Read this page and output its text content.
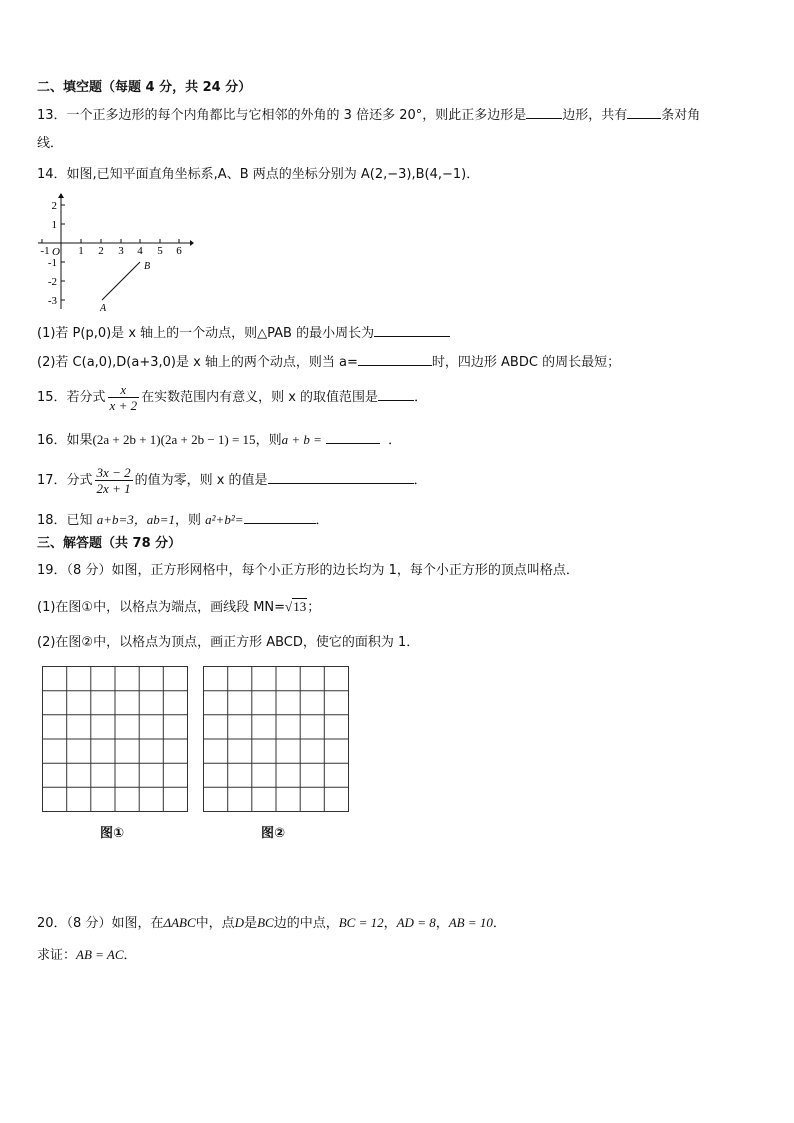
二、填空题（每题 4 分，共 24 分）
13．一个正多边形的每个内角都比与它相邻的外角的 3 倍还多 20°，则此正多边形是	边形，共有	条对角
线．
14．如图,已知平面直角坐标系,A、B 两点的坐标分别为 A(2,−3),B(4,−1)．
-1	1 2 3 4 5 6
O
2
1
-1
-2
-3
A
B
(1)若 P(p,0)是 x 轴上的一个动点，则△PAB 的最小周长为
(2)若 C(a,0),D(a+3,0)是 x 轴上的两个动点，则当 a=	时，四边形 ABDC 的周长最短；
15．若分式 $\frac{x}{x + 2}$ 在实数范围内有意义，则 x 的取值范围是	．
16．如果(2a + 2b + 1)(2a + 2b − 1) = 15，则a + b =	．
17．分式 $\frac{3x - 2}{2x + 1}$ 的值为零，则 x 的值是	．
18．已知 a+b=3，ab=1，则 a²+b²=	．
三、解答题（共 78 分）
19．（8 分）如图，正方形网格中，每个小正方形的边长均为 1，每个小正方形的顶点叫格点．
(1)在图①中，以格点为端点，画线段 MN=√13；
(2)在图②中，以格点为顶点，画正方形 ABCD，使它的面积为 1．
图①	图②
20．（8 分）如图，在ΔABC中，点D是BC边的中点，BC = 12，AD = 8，AB = 10．
求证：AB = AC．
